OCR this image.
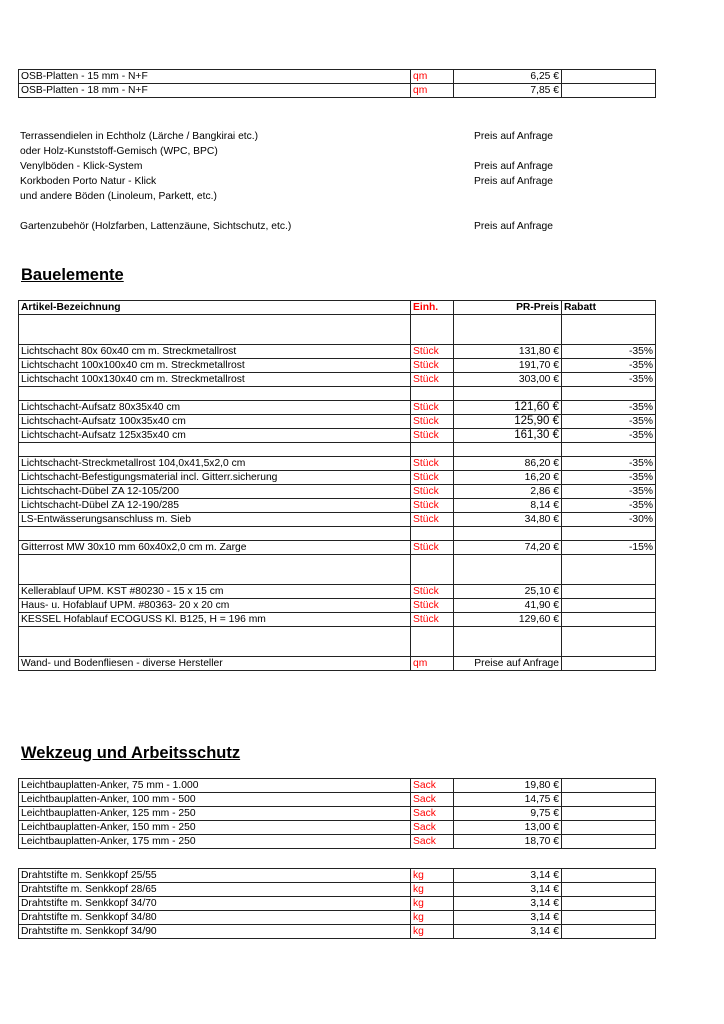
OSB-Platten - 15 mm - N+F	qm	6,25 €	
OSB-Platten - 18 mm - N+F	qm	7,85 €	
Terrassendielen in Echtholz (Lärche / Bangkirai etc.)	Preis auf Anfrage
oder Holz-Kunststoff-Gemisch (WPC, BPC)
Venylböden - Klick-System	Preis auf Anfrage
Korkboden Porto Natur - Klick	Preis auf Anfrage
und andere Böden (Linoleum, Parkett, etc.)
Gartenzubehör (Holzfarben, Lattenzäune, Sichtschutz, etc.)	Preis auf Anfrage
Bauelemente
Artikel-Bezeichnung	Einh.	PR-Preis	Rabatt

Lichtschacht 80x 60x40 cm m. Streckmetallrost	Stück	131,80 €	-35%
Lichtschacht 100x100x40 cm m. Streckmetallrost	Stück	191,70 €	-35%
Lichtschacht 100x130x40 cm m. Streckmetallrost	Stück	303,00 €	-35%

Lichtschacht-Aufsatz 80x35x40 cm	Stück	121,60 €	-35%
Lichtschacht-Aufsatz 100x35x40 cm	Stück	125,90 €	-35%
Lichtschacht-Aufsatz 125x35x40 cm	Stück	161,30 €	-35%

Lichtschacht-Streckmetallrost 104,0x41,5x2,0 cm	Stück	86,20 €	-35%
Lichtschacht-Befestigungsmaterial incl. Gitterr.sicherung	Stück	16,20 €	-35%
Lichtschacht-Dübel ZA 12-105/200	Stück	2,86 €	-35%
Lichtschacht-Dübel ZA 12-190/285	Stück	8,14 €	-35%
LS-Entwässerungsanschluss m. Sieb	Stück	34,80 €	-30%

Gitterrost MW 30x10 mm 60x40x2,0 cm m. Zarge	Stück	74,20 €	-15%

Kellerablauf UPM. KST #80230 - 15 x 15 cm	Stück	25,10 €	
Haus- u. Hofablauf UPM. #80363- 20 x 20 cm	Stück	41,90 €	
KESSEL Hofablauf ECOGUSS Kl. B125, H = 196 mm	Stück	129,60 €	

Wand- und Bodenfliesen - diverse Hersteller	qm	Preise auf Anfrage	
Wekzeug und Arbeitsschutz
Leichtbauplatten-Anker, 75 mm - 1.000	Sack	19,80 €	
Leichtbauplatten-Anker, 100 mm - 500	Sack	14,75 €	
Leichtbauplatten-Anker, 125 mm - 250	Sack	9,75 €	
Leichtbauplatten-Anker, 150 mm - 250	Sack	13,00 €	
Leichtbauplatten-Anker, 175 mm - 250	Sack	18,70 €	
Drahtstifte m. Senkkopf 25/55	kg	3,14 €	
Drahtstifte m. Senkkopf 28/65	kg	3,14 €	
Drahtstifte m. Senkkopf 34/70	kg	3,14 €	
Drahtstifte m. Senkkopf 34/80	kg	3,14 €	
Drahtstifte m. Senkkopf 34/90	kg	3,14 €	
